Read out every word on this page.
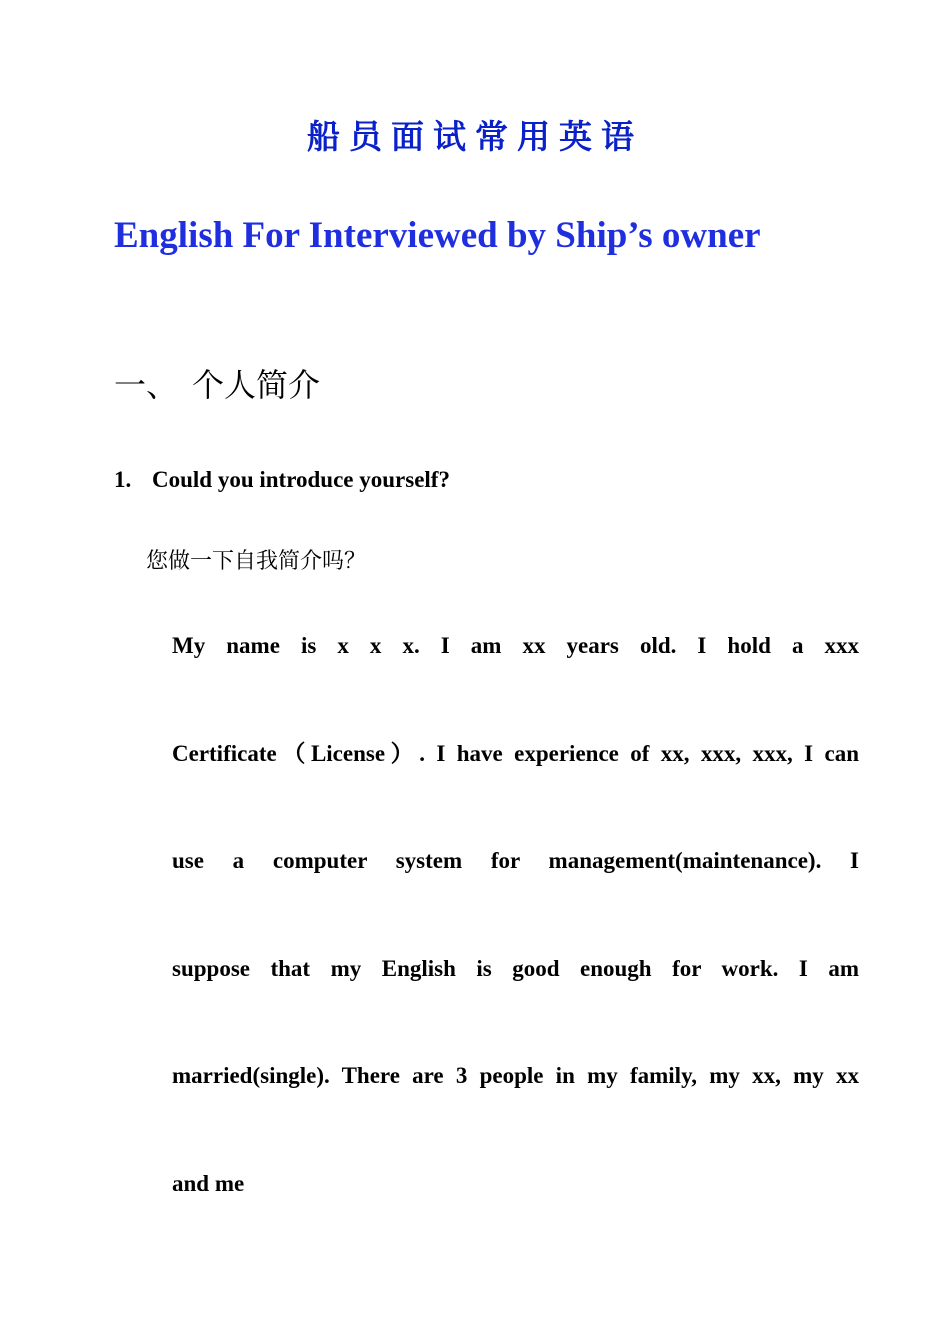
船员面试常用英语
English For Interviewed by Ship’s owner
一、 个人简介
1. Could you introduce yourself?
您做一下自我简介吗？
My name is x x x. I am xx years old. I hold a xxx
Certificate（License）. I have experience of xx, xxx, xxx, I can
use a computer system for management(maintenance). I
suppose that my English is good enough for work. I am
married(single). There are 3 people in my family, my xx, my xx
and me
